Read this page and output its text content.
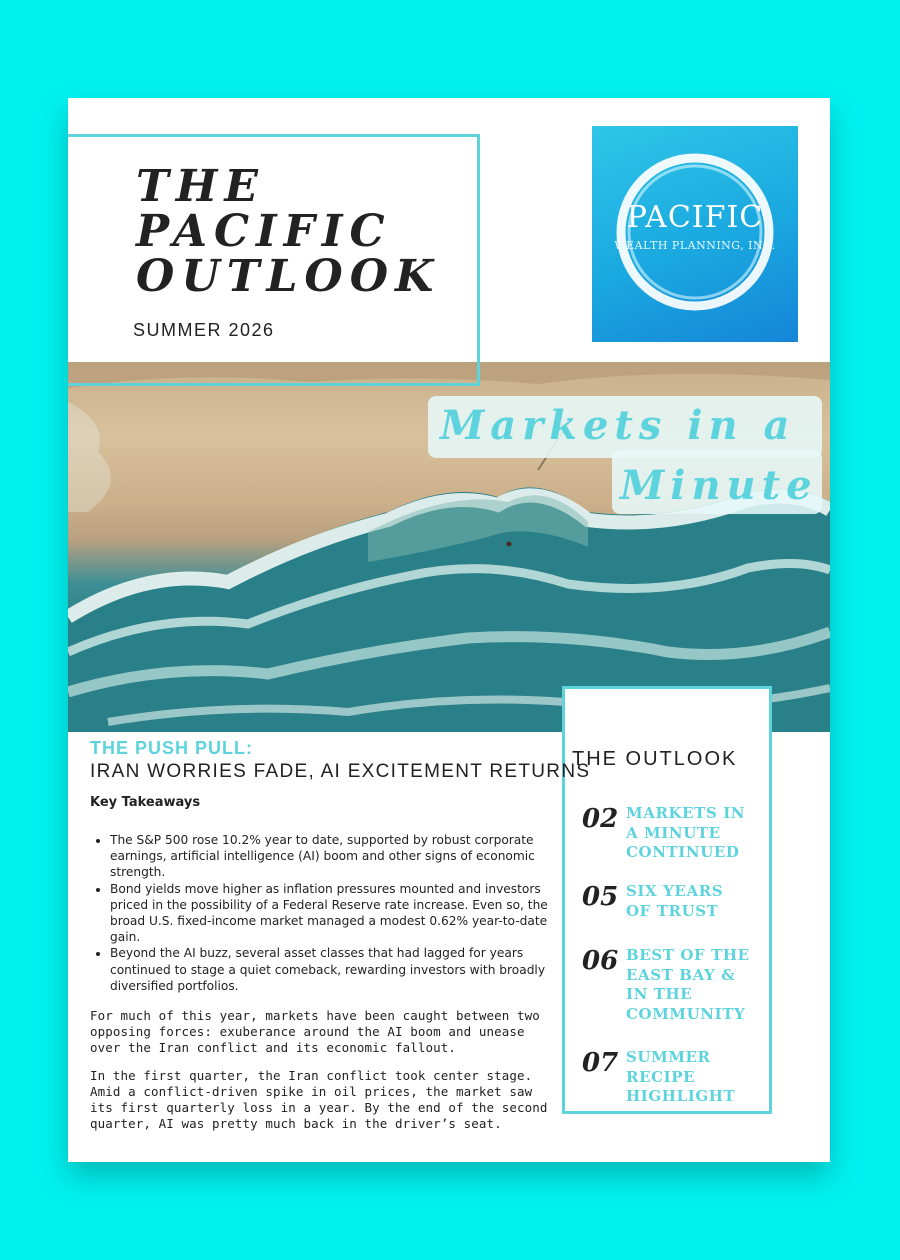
THE
PACIFIC
OUTLOOK
SUMMER 2026
PACIFIC
WEALTH PLANNING, INC.
Markets in a
Minute
THE OUTLOOK
02 MARKETS IN
A MINUTE
CONTINUED
05 SIX YEARS
OF TRUST
06 BEST OF THE
EAST BAY &
IN THE
COMMUNITY
07 SUMMER
RECIPE
HIGHLIGHT
THE PUSH PULL:
IRAN WORRIES FADE, AI EXCITEMENT RETURNS
Key Takeaways
• The S&P 500 rose 10.2% year to date, supported by robust corporate earnings, artificial intelligence (AI) boom and other signs of economic strength.
• Bond yields move higher as inflation pressures mounted and investors priced in the possibility of a Federal Reserve rate increase. Even so, the broad U.S. fixed-income market managed a modest 0.62% year-to-date gain.
• Beyond the AI buzz, several asset classes that had lagged for years continued to stage a quiet comeback, rewarding investors with broadly diversified portfolios.

For much of this year, markets have been caught between two opposing forces: exuberance around the AI boom and unease over the Iran conflict and its economic fallout.

In the first quarter, the Iran conflict took center stage. Amid a conflict-driven spike in oil prices, the market saw its first quarterly loss in a year. By the end of the second quarter, AI was pretty much back in the driver’s seat.
